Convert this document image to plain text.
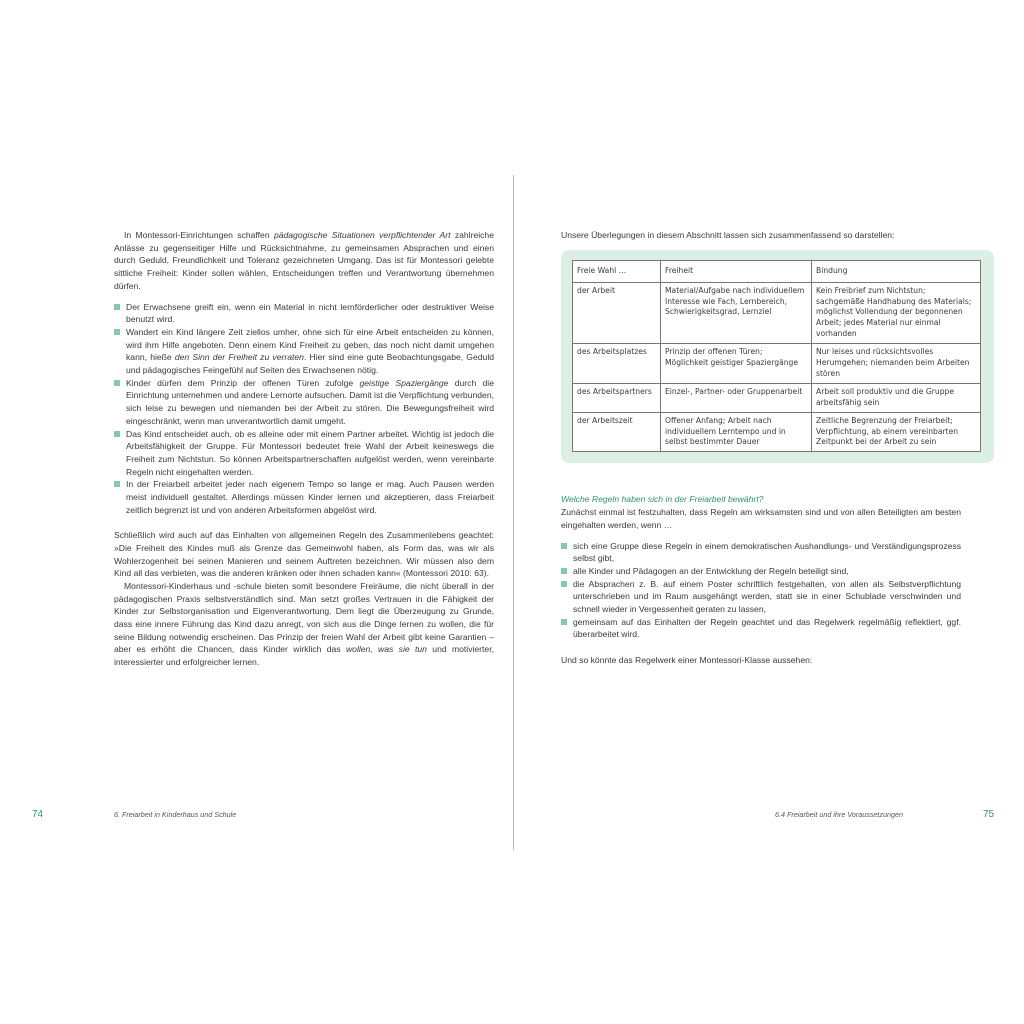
In Montessori-Einrichtungen schaffen pädagogische Situationen verpflichtender Art zahlreiche Anlässe zu gegenseitiger Hilfe und Rücksichtnahme, zu gemeinsamen Absprachen und einen durch Geduld, Freundlichkeit und Toleranz gezeichneten Umgang. Das ist für Montessori gelebte sittliche Freiheit: Kinder sollen wählen, Entscheidungen treffen und Verantwortung übernehmen dürfen.

Der Erwachsene greift ein, wenn ein Material in nicht lernförderlicher oder destruktiver Weise benutzt wird.
Wandert ein Kind längere Zeit ziellos umher, ohne sich für eine Arbeit entscheiden zu können, wird ihm Hilfe angeboten. Denn einem Kind Freiheit zu geben, das noch nicht damit umgehen kann, hieße den Sinn der Freiheit zu verraten. Hier sind eine gute Beobachtungsgabe, Geduld und pädagogisches Feingefühl auf Seiten des Erwachsenen nötig.
Kinder dürfen dem Prinzip der offenen Türen zufolge geistige Spaziergänge durch die Einrichtung unternehmen und andere Lernorte aufsuchen. Damit ist die Verpflichtung verbunden, sich leise zu bewegen und niemanden bei der Arbeit zu stören. Die Bewegungsfreiheit wird eingeschränkt, wenn man unverantwortlich damit umgeht.
Das Kind entscheidet auch, ob es alleine oder mit einem Partner arbeitet. Wichtig ist jedoch die Arbeitsfähigkeit der Gruppe. Für Montessori bedeutet freie Wahl der Arbeit keineswegs die Freiheit zum Nichtstun. So können Arbeitspartnerschaften aufgelöst werden, wenn vereinbarte Regeln nicht eingehalten werden.
In der Freiarbeit arbeitet jeder nach eigenem Tempo so lange er mag. Auch Pausen werden meist individuell gestaltet. Allerdings müssen Kinder lernen und akzeptieren, dass Freiarbeit zeitlich begrenzt ist und von anderen Arbeitsformen abgelöst wird.

Schließlich wird auch auf das Einhalten von allgemeinen Regeln des Zusammenlebens geachtet: »Die Freiheit des Kindes muß als Grenze das Gemeinwohl haben, als Form das, was wir als Wohlerzogenheit bei seinen Manieren und seinem Auftreten bezeichnen. Wir müssen also dem Kind all das verbieten, was die anderen kränken oder ihnen schaden kann« (Montessori 2010: 63).

Montessori-Kinderhaus und -schule bieten somit besondere Freiräume, die nicht überall in der pädagogischen Praxis selbstverständlich sind. Man setzt großes Vertrauen in die Fähigkeit der Kinder zur Selbstorganisation und Eigenverantwortung. Dem liegt die Überzeugung zu Grunde, dass eine innere Führung das Kind dazu anregt, von sich aus die Dinge lernen zu wollen, die für seine Bildung notwendig erscheinen. Das Prinzip der freien Wahl der Arbeit gibt keine Garantien – aber es erhöht die Chancen, dass Kinder wirklich das wollen, was sie tun und motivierter, interessierter und erfolgreicher lernen.

Unsere Überlegungen in diesem Abschnitt lassen sich zusammenfassend so darstellen:

Freie Wahl …	Freiheit	Bindung
der Arbeit	Material/Aufgabe nach individuellem Interesse wie Fach, Lernbereich, Schwierigkeitsgrad, Lernziel	Kein Freibrief zum Nichtstun; sachgemäße Handhabung des Materials; möglichst Vollendung der begonnenen Arbeit; jedes Material nur einmal vorhanden
des Arbeitsplatzes	Prinzip der offenen Türen; Möglichkeit geistiger Spaziergänge	Nur leises und rücksichtsvolles Herumgehen; niemanden beim Arbeiten stören
des Arbeitspartners	Einzel-, Partner- oder Gruppenarbeit	Arbeit soll produktiv und die Gruppe arbeitsfähig sein
der Arbeitszeit	Offener Anfang; Arbeit nach individuellem Lerntempo und in selbst bestimmter Dauer	Zeitliche Begrenzung der Freiarbeit; Verpflichtung, ab einem vereinbarten Zeitpunkt bei der Arbeit zu sein

Welche Regeln haben sich in der Freiarbeit bewährt?

Zunächst einmal ist festzuhalten, dass Regeln am wirksamsten sind und von allen Beteiligten am besten eingehalten werden, wenn …

sich eine Gruppe diese Regeln in einem demokratischen Aushandlungs- und Verständigungsprozess selbst gibt,
alle Kinder und Pädagogen an der Entwicklung der Regeln beteiligt sind,
die Absprachen z. B. auf einem Poster schriftlich festgehalten, von allen als Selbstverpflichtung unterschrieben und im Raum ausgehängt werden, statt sie in einer Schublade verschwinden und schnell wieder in Vergessenheit geraten zu lassen,
gemeinsam auf das Einhalten der Regeln geachtet und das Regelwerk regelmäßig reflektiert, ggf. überarbeitet wird.

Und so könnte das Regelwerk einer Montessori-Klasse aussehen:

74	6. Freiarbeit in Kinderhaus und Schule	6.4 Freiarbeit und ihre Voraussetzungen	75
